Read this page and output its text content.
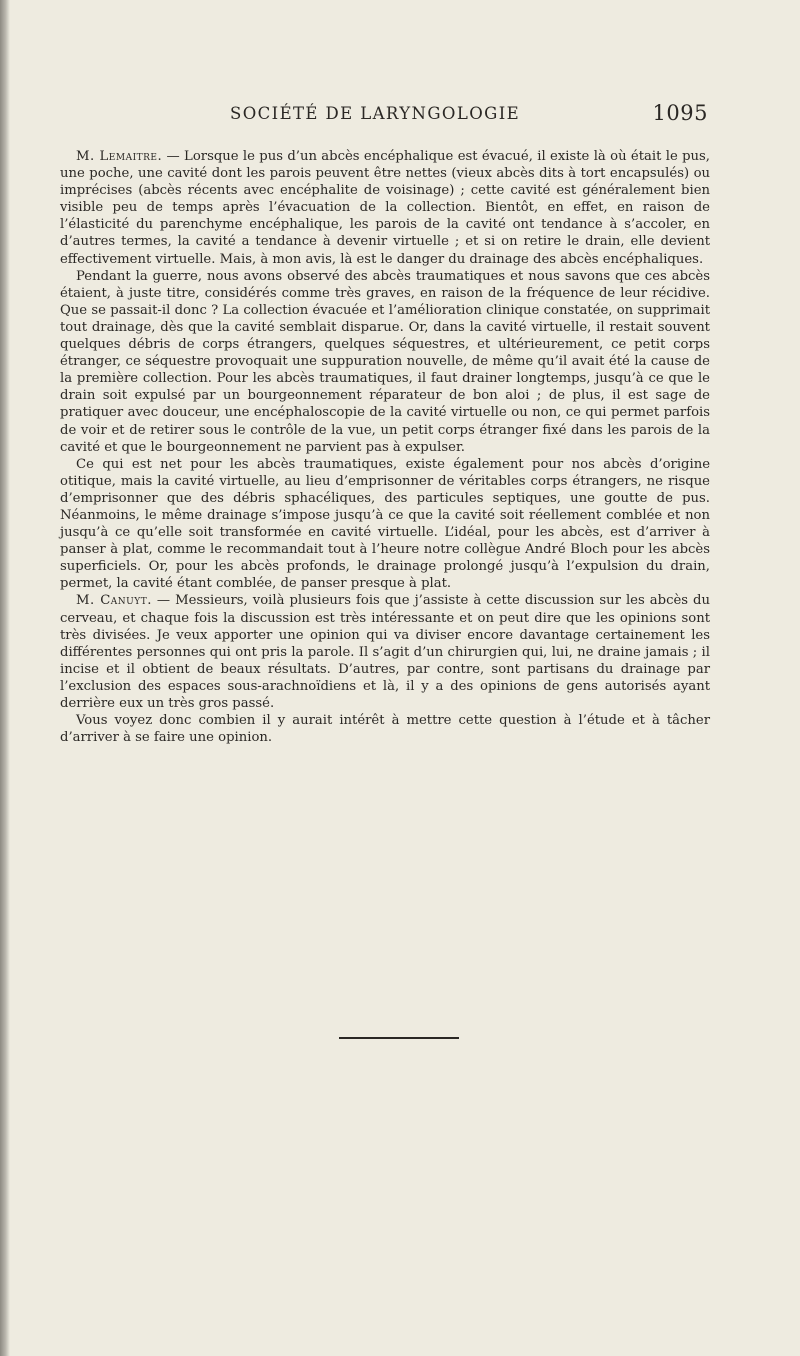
SOCIÉTÉ DE LARYNGOLOGIE	1095

M. Lemaitre. — Lorsque le pus d’un abcès encéphalique est évacué, il existe là où était le pus, une poche, une cavité dont les parois peuvent être nettes (vieux abcès dits à tort encapsulés) ou imprécises (abcès récents avec encéphalite de voisinage) ; cette cavité est généralement bien visible peu de temps après l’évacuation de la collection. Bientôt, en effet, en raison de l’élasticité du parenchyme encéphalique, les parois de la cavité ont tendance à s’accoler, en d’autres termes, la cavité a tendance à devenir virtuelle ; et si on retire le drain, elle devient effectivement virtuelle. Mais, à mon avis, là est le danger du drainage des abcès encéphaliques.

Pendant la guerre, nous avons observé des abcès traumatiques et nous savons que ces abcès étaient, à juste titre, considérés comme très graves, en raison de la fréquence de leur récidive. Que se passait-il donc ? La collection évacuée et l’amélioration clinique constatée, on supprimait tout drainage, dès que la cavité semblait disparue. Or, dans la cavité virtuelle, il restait souvent quelques débris de corps étrangers, quelques séquestres, et ultérieurement, ce petit corps étranger, ce séquestre provoquait une suppuration nouvelle, de même qu’il avait été la cause de la première collection. Pour les abcès traumatiques, il faut drainer longtemps, jusqu’à ce que le drain soit expulsé par un bourgeonnement réparateur de bon aloi ; de plus, il est sage de pratiquer avec douceur, une encéphaloscopie de la cavité virtuelle ou non, ce qui permet parfois de voir et de retirer sous le contrôle de la vue, un petit corps étranger fixé dans les parois de la cavité et que le bourgeonnement ne parvient pas à expulser.

Ce qui est net pour les abcès traumatiques, existe également pour nos abcès d’origine otitique, mais la cavité virtuelle, au lieu d’emprisonner de véritables corps étrangers, ne risque d’emprisonner que des débris sphacéliques, des particules septiques, une goutte de pus. Néanmoins, le même drainage s’impose jusqu’à ce que la cavité soit réellement comblée et non jusqu’à ce qu’elle soit transformée en cavité virtuelle. L’idéal, pour les abcès, est d’arriver à panser à plat, comme le recommandait tout à l’heure notre collègue André Bloch pour les abcès superficiels. Or, pour les abcès profonds, le drainage prolongé jusqu’à l’expulsion du drain, permet, la cavité étant comblée, de panser presque à plat.

M. Canuyt. — Messieurs, voilà plusieurs fois que j’assiste à cette discussion sur les abcès du cerveau, et chaque fois la discussion est très intéressante et on peut dire que les opinions sont très divisées. Je veux apporter une opinion qui va diviser encore davantage certainement les différentes personnes qui ont pris la parole. Il s’agit d’un chirurgien qui, lui, ne draine jamais ; il incise et il obtient de beaux résultats. D’autres, par contre, sont partisans du drainage par l’exclusion des espaces sous-arachnoïdiens et là, il y a des opinions de gens autorisés ayant derrière eux un très gros passé.

Vous voyez donc combien il y aurait intérêt à mettre cette question à l’étude et à tâcher d’arriver à se faire une opinion.
